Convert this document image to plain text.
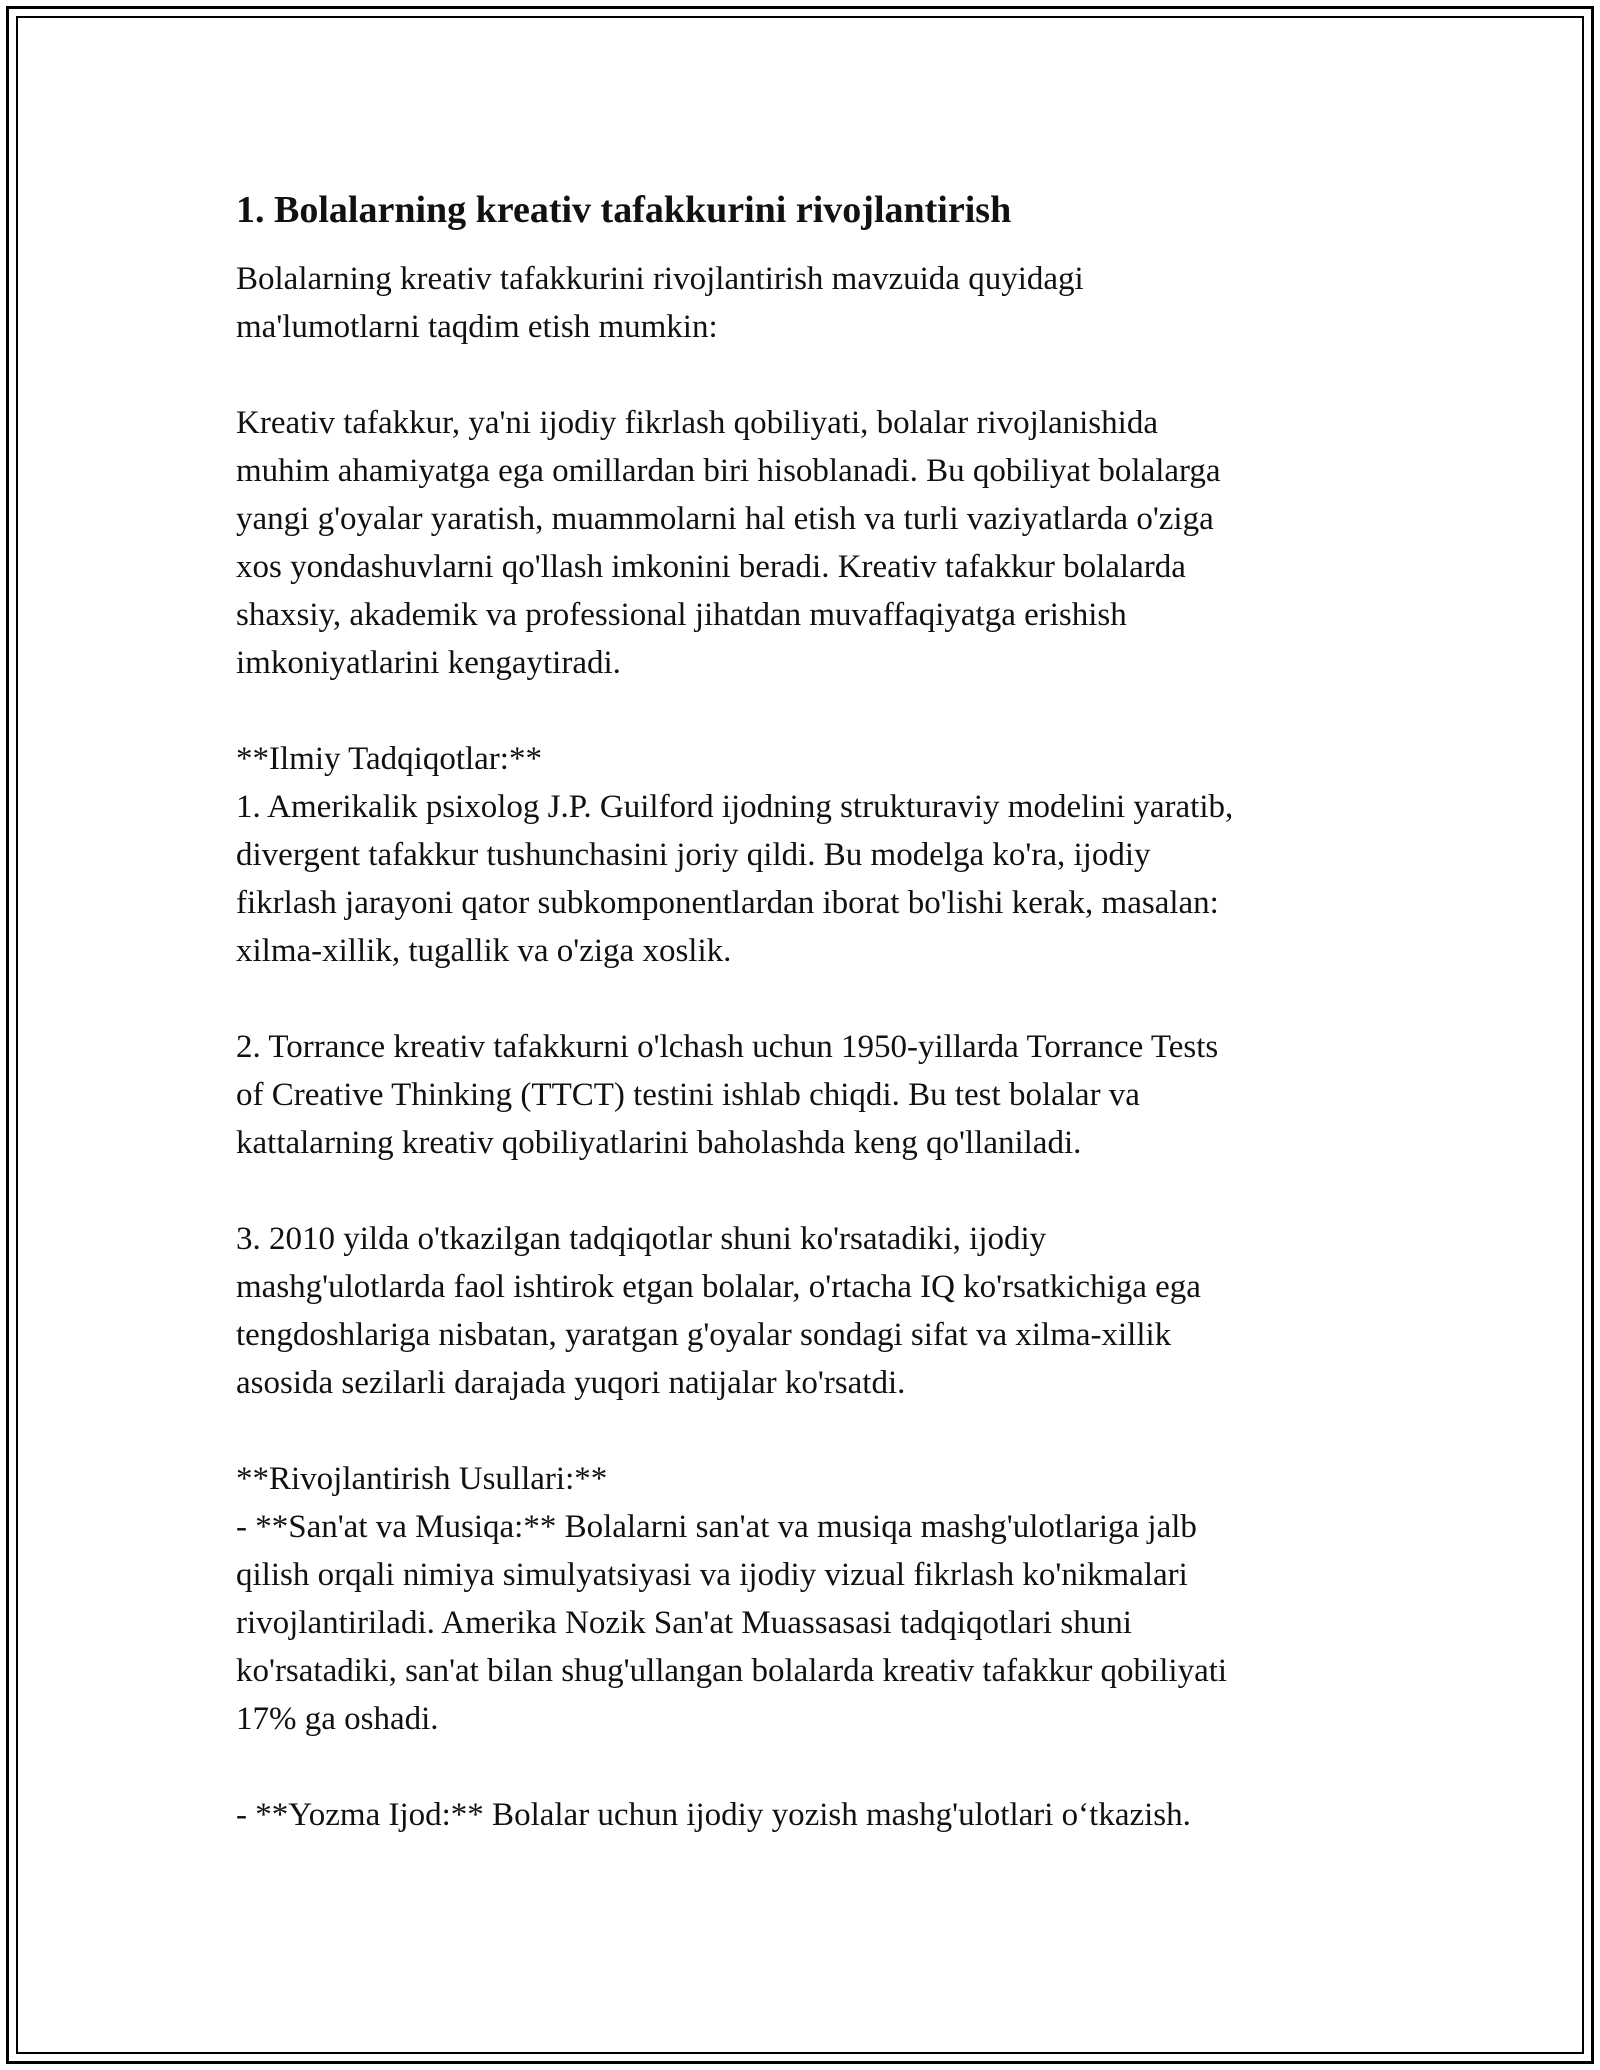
1. Bolalarning kreativ tafakkurini rivojlantirish
Bolalarning kreativ tafakkurini rivojlantirish mavzuida quyidagi
ma'lumotlarni taqdim etish mumkin:
Kreativ tafakkur, ya'ni ijodiy fikrlash qobiliyati, bolalar rivojlanishida
muhim ahamiyatga ega omillardan biri hisoblanadi. Bu qobiliyat bolalarga
yangi g'oyalar yaratish, muammolarni hal etish va turli vaziyatlarda o'ziga
xos yondashuvlarni qo'llash imkonini beradi. Kreativ tafakkur bolalarda
shaxsiy, akademik va professional jihatdan muvaffaqiyatga erishish
imkoniyatlarini kengaytiradi.
**Ilmiy Tadqiqotlar:**
1. Amerikalik psixolog J.P. Guilford ijodning strukturaviy modelini yaratib,
divergent tafakkur tushunchasini joriy qildi. Bu modelga ko'ra, ijodiy
fikrlash jarayoni qator subkomponentlardan iborat bo'lishi kerak, masalan:
xilma-xillik, tugallik va o'ziga xoslik.
2. Torrance kreativ tafakkurni o'lchash uchun 1950-yillarda Torrance Tests
of Creative Thinking (TTCT) testini ishlab chiqdi. Bu test bolalar va
kattalarning kreativ qobiliyatlarini baholashda keng qo'llaniladi.
3. 2010 yilda o'tkazilgan tadqiqotlar shuni ko'rsatadiki, ijodiy
mashg'ulotlarda faol ishtirok etgan bolalar, o'rtacha IQ ko'rsatkichiga ega
tengdoshlariga nisbatan, yaratgan g'oyalar sondagi sifat va xilma-xillik
asosida sezilarli darajada yuqori natijalar ko'rsatdi.
**Rivojlantirish Usullari:**
- **San'at va Musiqa:** Bolalarni san'at va musiqa mashg'ulotlariga jalb
qilish orqali nimiya simulyatsiyasi va ijodiy vizual fikrlash ko'nikmalari
rivojlantiriladi. Amerika Nozik San'at Muassasasi tadqiqotlari shuni
ko'rsatadiki, san'at bilan shug'ullangan bolalarda kreativ tafakkur qobiliyati
17% ga oshadi.
- **Yozma Ijod:** Bolalar uchun ijodiy yozish mashg'ulotlari o‘tkazish.
